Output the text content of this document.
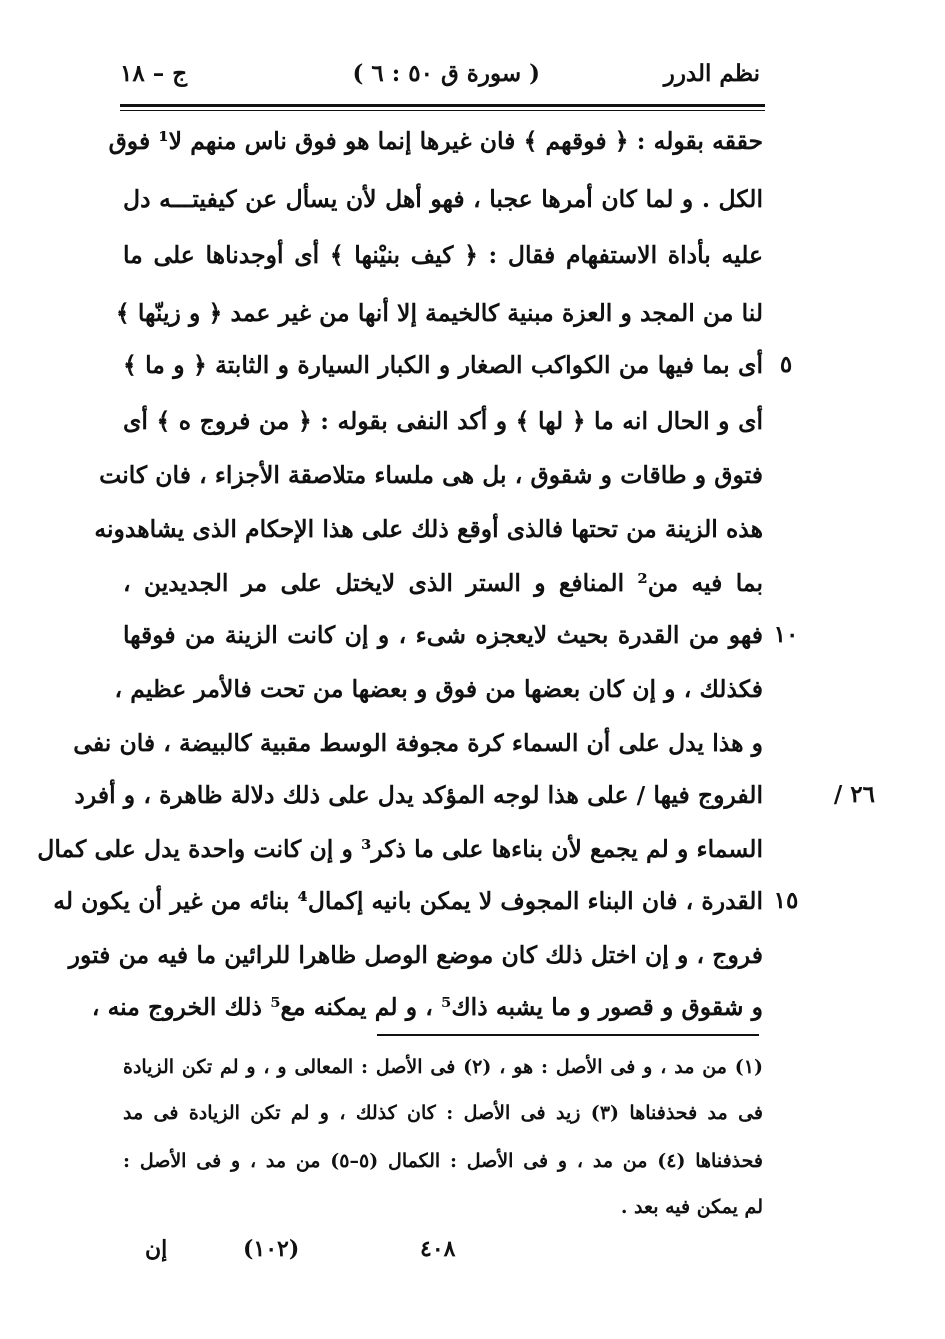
نظم الدرر
( سورة ق ٥٠ : ٦ )
ج – ١٨
حققه بقوله : ﴿ فوقهم ﴾ فان غيرها إنما هو فوق ناس منهم لا¹ فوق
الكل . و لما كان أمرها عجبا ، فهو أهل لأن يسأل عن كيفيتـــه دل
عليه بأداة الاستفهام فقال : ﴿ كيف بنيْنها ﴾ أى أوجدناها على ما
لنا من المجد و العزة مبنية كالخيمة إلا أنها من غير عمد ﴿ و زينّها ﴾
أى بما فيها من الكواكب الصغار و الكبار السيارة و الثابتة ﴿ و ما ﴾
أى و الحال انه ما ﴿ لها ﴾ و أكد النفى بقوله : ﴿ من فروج ه ﴾ أى
فتوق و طاقات و شقوق ، بل هى ملساء متلاصقة الأجزاء ، فان كانت
هذه الزينة من تحتها فالذى أوقع ذلك على هذا الإحكام الذى يشاهدونه
بما فيه من² المنافع و الستر الذى لايختل على مر الجديدين ،
فهو من القدرة بحيث لايعجزه شىء ، و إن كانت الزينة من فوقها
فكذلك ، و إن كان بعضها من فوق و بعضها من تحت فالأمر عظيم ،
و هذا يدل على أن السماء كرة مجوفة الوسط مقبية كالبيضة ، فان نفى
الفروج فيها / على هذا لوجه المؤكد يدل على ذلك دلالة ظاهرة ، و أفرد
السماء و لم يجمع لأن بناءها على ما ذكر³ و إن كانت واحدة يدل على كمال
القدرة ، فان البناء المجوف لا يمكن بانيه إكمال⁴ بنائه من غير أن يكون له
فروج ، و إن اختل ذلك كان موضع الوصل ظاهرا للرائين ما فيه من فتور
و شقوق و قصور و ما يشبه ذاك⁵ ، و لم يمكنه مع⁵ ذلك الخروج منه ،
٥
١٠
١٥
٢٦ /
(١) من مد ، و فى الأصل : هو ، (٢) فى الأصل : المعالى و ، و لم تكن الزيادة
فى مد فحذفناها (٣) زيد فى الأصل : كان كذلك ، و لم تكن الزيادة فى مد
فحذفناها (٤) من مد ، و فى الأصل : الكمال (٥–٥) من مد ، و فى الأصل :
لم يمكن فيه بعد .
إن	(١٠٢)	٤٠٨
